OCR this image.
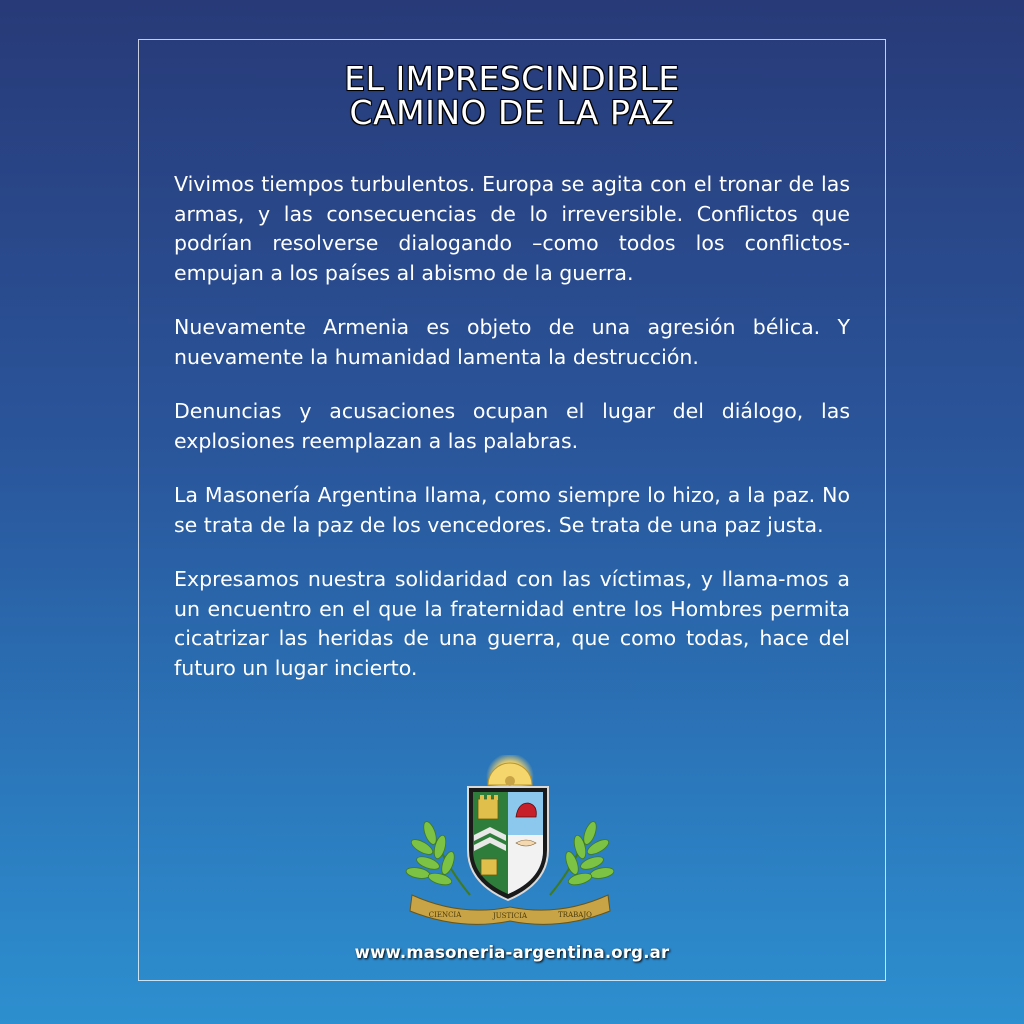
EL IMPRESCINDIBLE
CAMINO DE LA PAZ

Vivimos tiempos turbulentos. Europa se agita con el tronar de las armas, y las consecuencias de lo irreversible. Conflictos que podrían resolverse dialogando –como todos los conflictos- empujan a los países al abismo de la guerra.

Nuevamente Armenia es objeto de una agresión bélica. Y nuevamente la humanidad lamenta la destrucción.

Denuncias y acusaciones ocupan el lugar del diálogo, las explosiones reemplazan a las palabras.

La Masonería Argentina llama, como siempre lo hizo, a la paz. No se trata de la paz de los vencedores. Se trata de una paz justa.

Expresamos nuestra solidaridad con las víctimas, y llama-mos a un encuentro en el que la fraternidad entre los Hombres permita cicatrizar las heridas de una guerra, que como todas, hace del futuro un lugar incierto.

CIENCIA	JUSTICIA	TRABAJO
www.masoneria-argentina.org.ar
